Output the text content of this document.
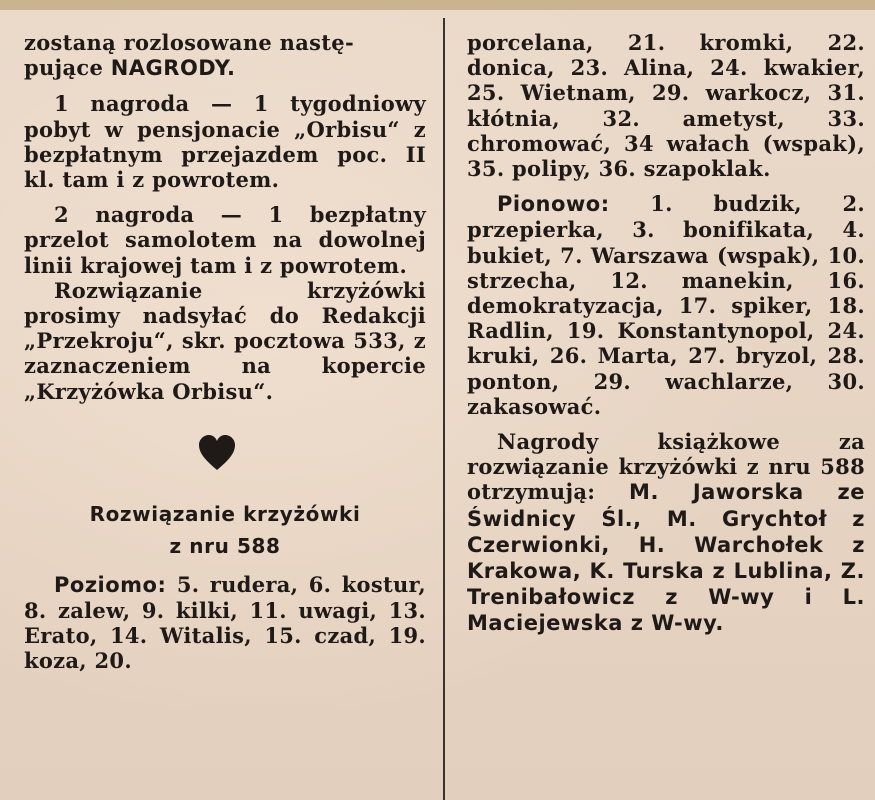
zostaną rozlosowane nastę-
pujące NAGRODY.

1 nagroda — 1 tygodniowy pobyt w pensjonacie „Orbisu“ z bezpłatnym przejazdem poc. II kl. tam i z powrotem.

2 nagroda — 1 bezpłatny przelot samolotem na dowolnej linii krajowej tam i z powrotem.

Rozwiązanie krzyżówki prosimy nadsyłać do Redakcji „Przekroju“, skr. pocztowa 533, z zaznaczeniem na kopercie „Krzyżówka Orbisu“.

Rozwiązanie krzyżówki
z nru 588

Poziomo: 5. rudera, 6. kostur, 8. zalew, 9. kilki, 11. uwagi, 13. Erato, 14. Witalis, 15. czad, 19. koza, 20.

porcelana, 21. kromki, 22. donica, 23. Alina, 24. kwakier, 25. Wietnam, 29. warkocz, 31. kłótnia, 32. ametyst, 33. chromować, 34 wałach (wspak), 35. polipy, 36. szapoklak.

Pionowo: 1. budzik, 2. przepierka, 3. bonifikata, 4. bukiet, 7. Warszawa (wspak), 10. strzecha, 12. manekin, 16. demokratyzacja, 17. spiker, 18. Radlin, 19. Konstantynopol, 24. kruki, 26. Marta, 27. bryzol, 28. ponton, 29. wachlarze, 30. zakasować.

Nagrody książkowe za rozwiązanie krzyżówki z nru 588 otrzymują: M. Jaworska ze Świdnicy Śl., M. Grychtoł z Czerwionki, H. Warchołek z Krakowa, K. Turska z Lublina, Z. Trenibałowicz z W-wy i L. Maciejewska z W-wy.
